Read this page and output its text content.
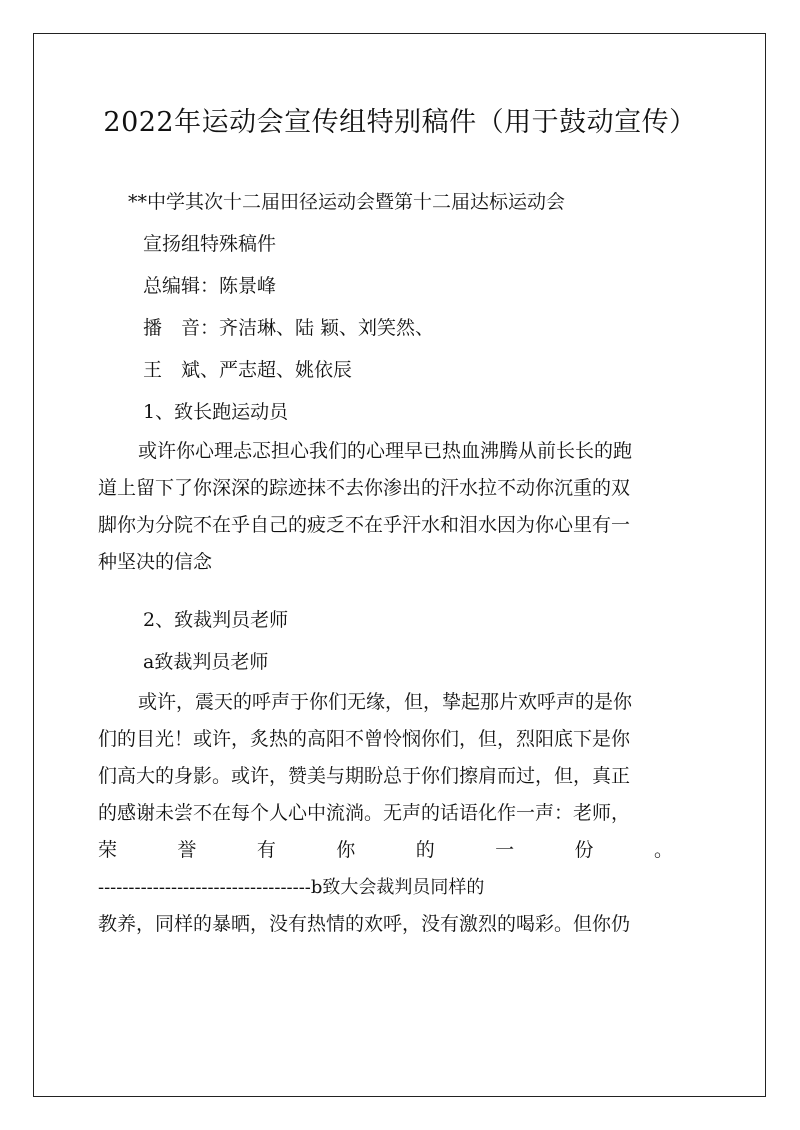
2022年运动会宣传组特别稿件（用于鼓动宣传）
**中学其次十二届田径运动会暨第十二届达标运动会
宣扬组特殊稿件
总编辑：陈景峰
播　音：齐洁琳、陆 颖、刘笑然、
王　斌、严志超、姚依辰
1、致长跑运动员
或许你心理忐忑担心我们的心理早已热血沸腾从前长长的跑
道上留下了你深深的踪迹抹不去你渗出的汗水拉不动你沉重的双
脚你为分院不在乎自己的疲乏不在乎汗水和泪水因为你心里有一
种坚决的信念
2、致裁判员老师
a致裁判员老师
或许，震天的呼声于你们无缘，但，挚起那片欢呼声的是你
们的目光！或许，炙热的高阳不曾怜悯你们，但，烈阳底下是你
们高大的身影。或许，赞美与期盼总于你们擦肩而过，但，真正
的感谢未尝不在每个人心中流淌。无声的话语化作一声：老师，
荣	誉	有	你	的	一	份	。
-----------------------------------b致大会裁判员同样的
教养，同样的暴晒，没有热情的欢呼，没有激烈的喝彩。但你仍
